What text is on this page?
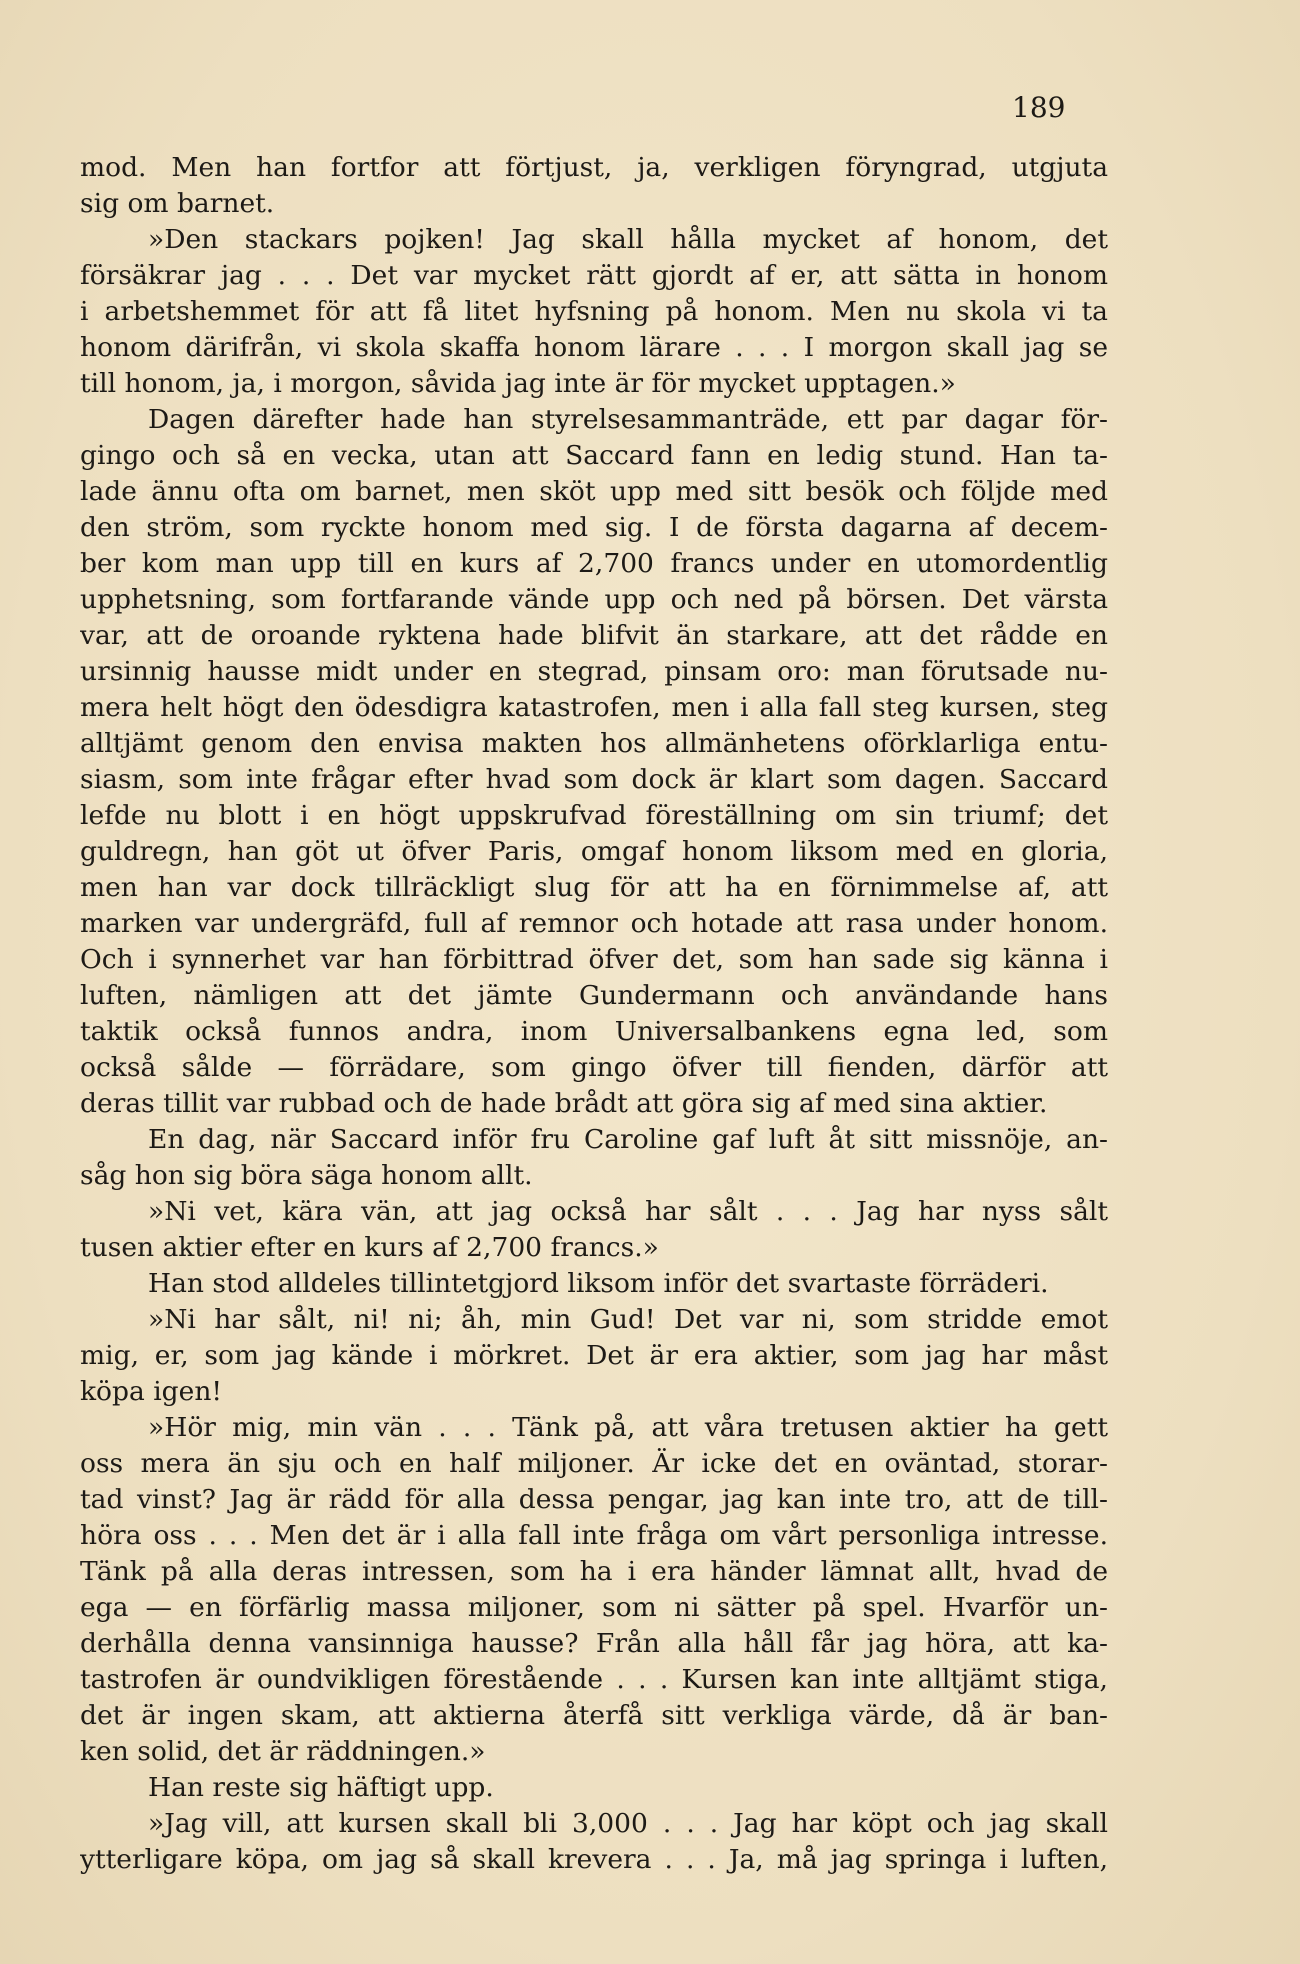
189
mod. Men han fortfor att förtjust, ja, verkligen föryngrad, utgjuta
sig om barnet.
»Den stackars pojken! Jag skall hålla mycket af honom, det
försäkrar jag . . . Det var mycket rätt gjordt af er, att sätta in honom
i arbetshemmet för att få litet hyfsning på honom. Men nu skola vi ta
honom därifrån, vi skola skaffa honom lärare . . . I morgon skall jag se
till honom, ja, i morgon, såvida jag inte är för mycket upptagen.»
Dagen därefter hade han styrelsesammanträde, ett par dagar för-
gingo och så en vecka, utan att Saccard fann en ledig stund. Han ta-
lade ännu ofta om barnet, men sköt upp med sitt besök och följde med
den ström, som ryckte honom med sig. I de första dagarna af decem-
ber kom man upp till en kurs af 2,700 francs under en utomordentlig
upphetsning, som fortfarande vände upp och ned på börsen. Det värsta
var, att de oroande ryktena hade blifvit än starkare, att det rådde en
ursinnig hausse midt under en stegrad, pinsam oro: man förutsade nu-
mera helt högt den ödesdigra katastrofen, men i alla fall steg kursen, steg
alltjämt genom den envisa makten hos allmänhetens oförklarliga entu-
siasm, som inte frågar efter hvad som dock är klart som dagen. Saccard
lefde nu blott i en högt uppskrufvad föreställning om sin triumf; det
guldregn, han göt ut öfver Paris, omgaf honom liksom med en gloria,
men han var dock tillräckligt slug för att ha en förnimmelse af, att
marken var undergräfd, full af remnor och hotade att rasa under honom.
Och i synnerhet var han förbittrad öfver det, som han sade sig känna i
luften, nämligen att det jämte Gundermann och användande hans
taktik också funnos andra, inom Universalbankens egna led, som
också sålde — förrädare, som gingo öfver till fienden, därför att
deras tillit var rubbad och de hade brådt att göra sig af med sina aktier.
En dag, när Saccard inför fru Caroline gaf luft åt sitt missnöje, an-
såg hon sig böra säga honom allt.
»Ni vet, kära vän, att jag också har sålt . . . Jag har nyss sålt
tusen aktier efter en kurs af 2,700 francs.»
Han stod alldeles tillintetgjord liksom inför det svartaste förräderi.
»Ni har sålt, ni! ni; åh, min Gud! Det var ni, som stridde emot
mig, er, som jag kände i mörkret. Det är era aktier, som jag har måst
köpa igen!
»Hör mig, min vän . . . Tänk på, att våra tretusen aktier ha gett
oss mera än sju och en half miljoner. Är icke det en oväntad, storar-
tad vinst? Jag är rädd för alla dessa pengar, jag kan inte tro, att de till-
höra oss . . . Men det är i alla fall inte fråga om vårt personliga intresse.
Tänk på alla deras intressen, som ha i era händer lämnat allt, hvad de
ega — en förfärlig massa miljoner, som ni sätter på spel. Hvarför un-
derhålla denna vansinniga hausse? Från alla håll får jag höra, att ka-
tastrofen är oundvikligen förestående . . . Kursen kan inte alltjämt stiga,
det är ingen skam, att aktierna återfå sitt verkliga värde, då är ban-
ken solid, det är räddningen.»
Han reste sig häftigt upp.
»Jag vill, att kursen skall bli 3,000 . . . Jag har köpt och jag skall
ytterligare köpa, om jag så skall krevera . . . Ja, må jag springa i luften,
